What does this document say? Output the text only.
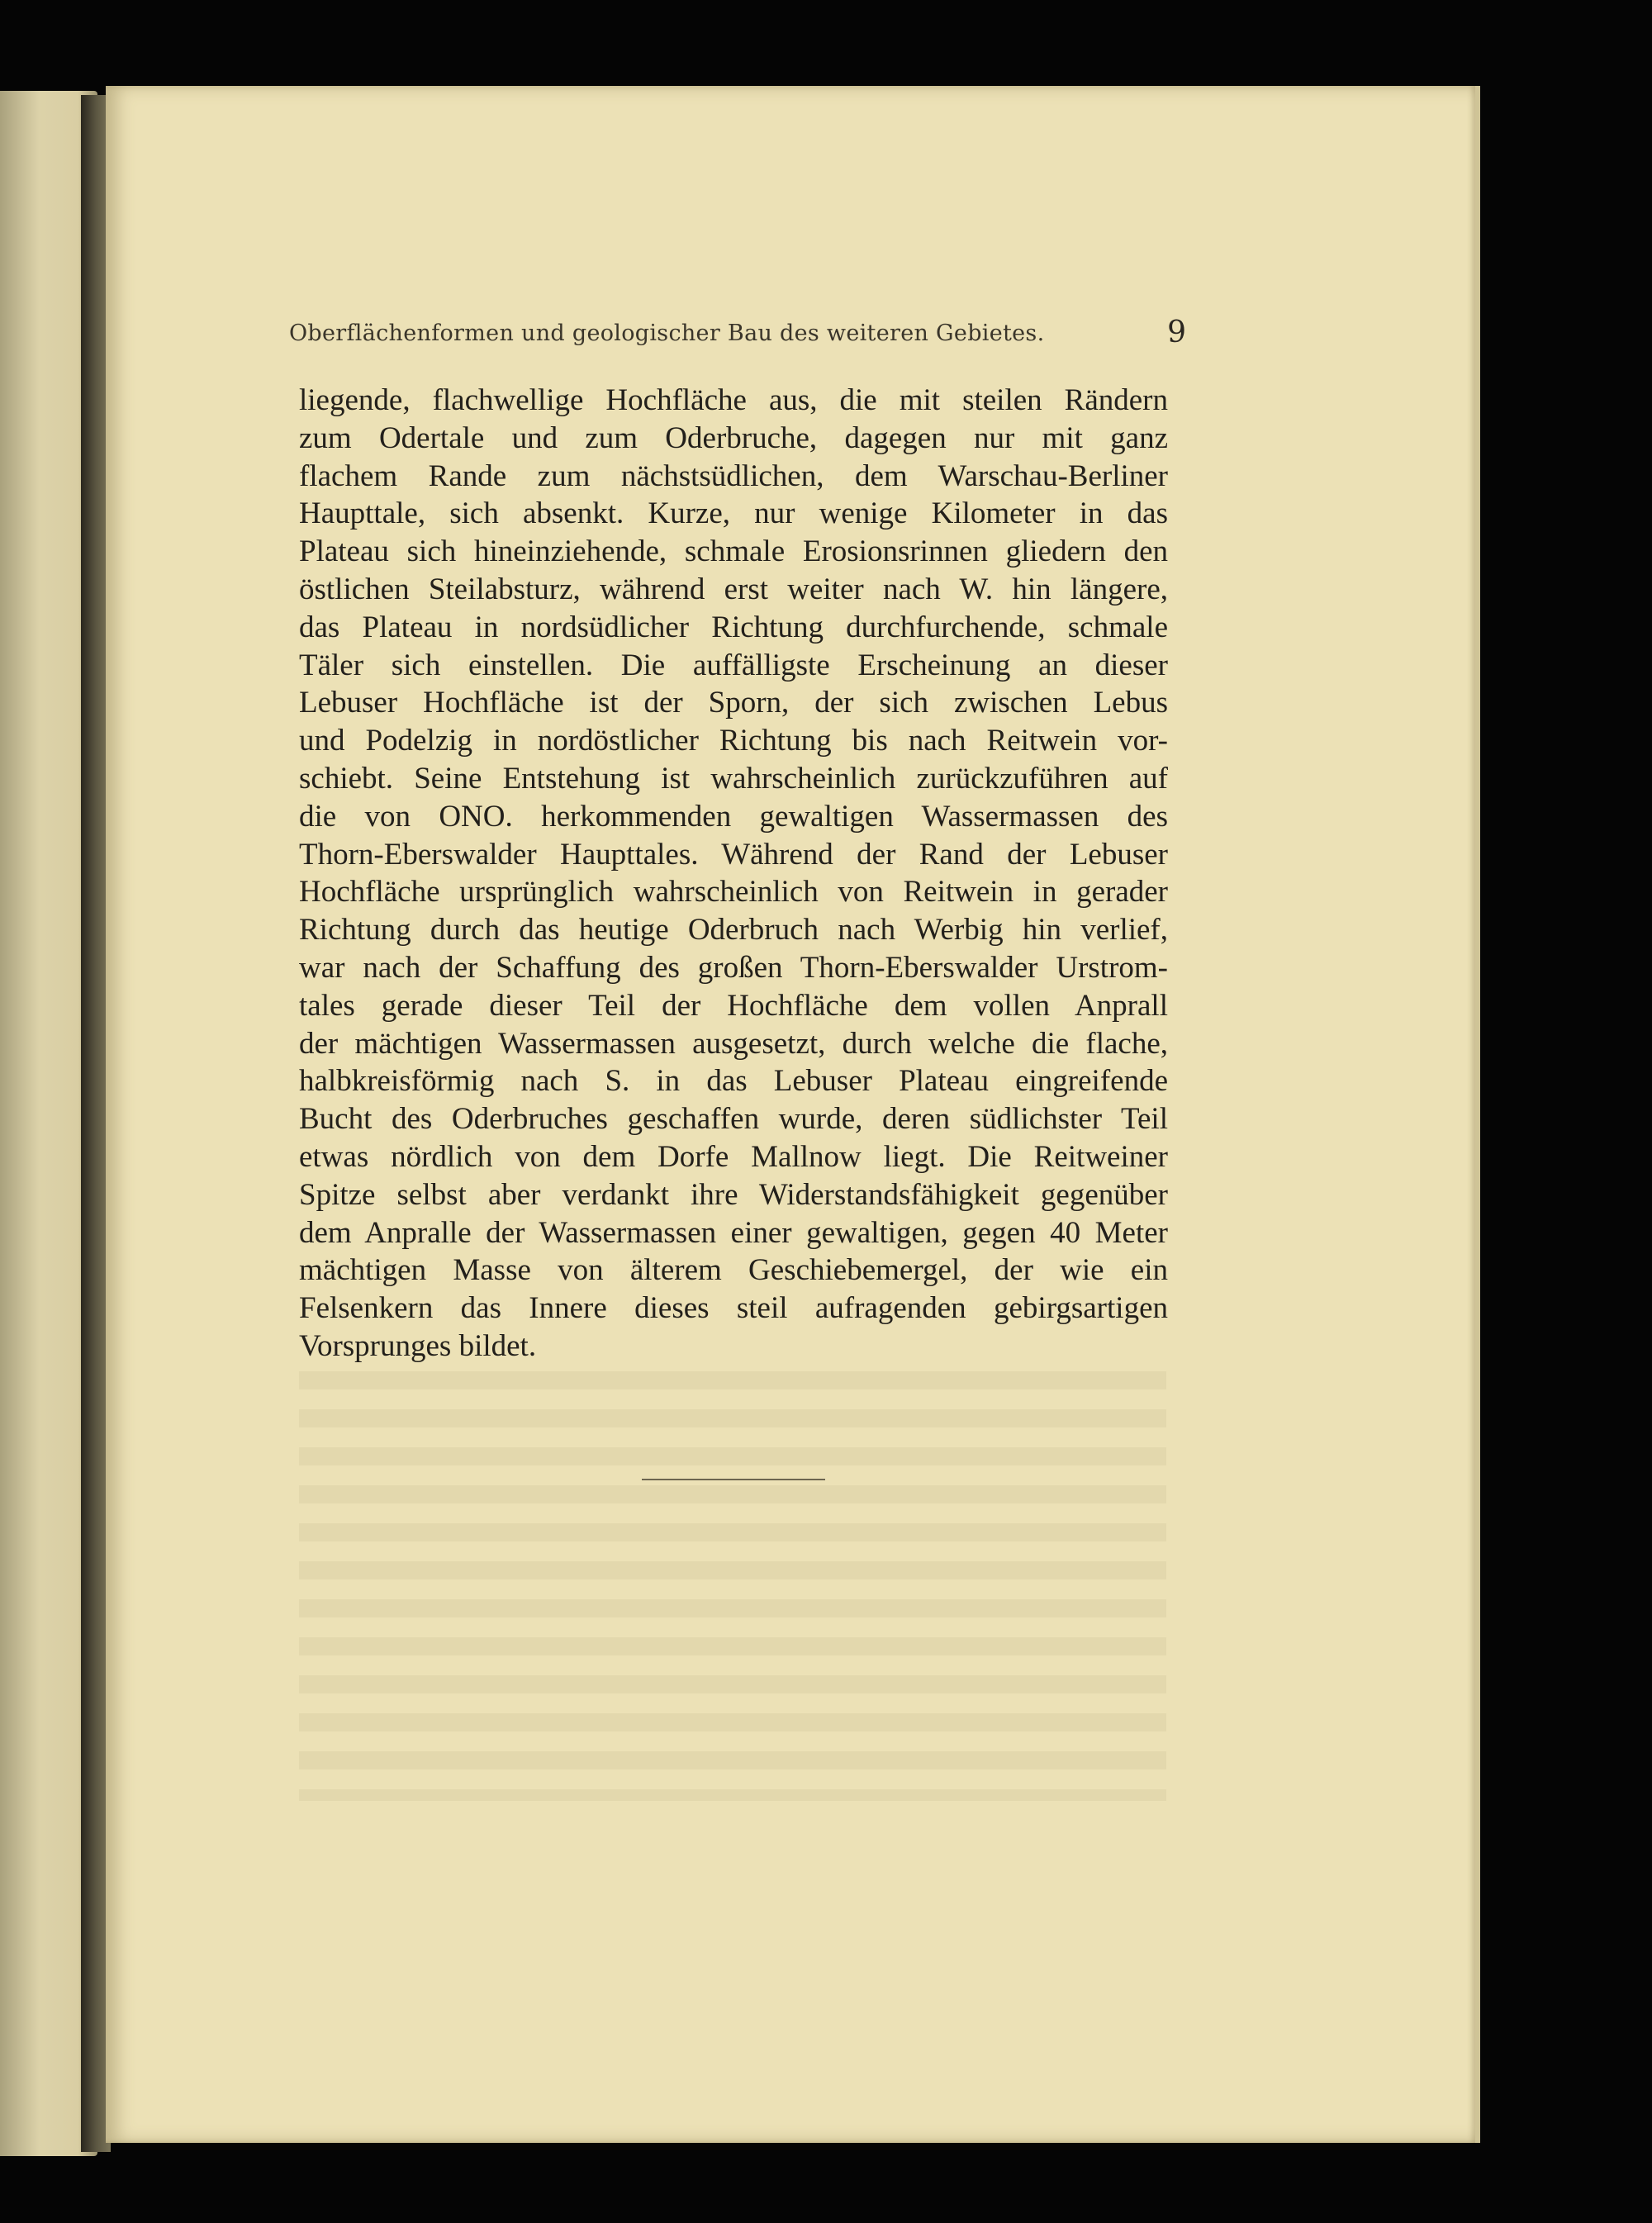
Oberflächenformen und geologischer Bau des weiteren Gebietes.	9
liegende, flachwellige Hochfläche aus, die mit steilen Rändern
zum Odertale und zum Oderbruche, dagegen nur mit ganz
flachem Rande zum nächstsüdlichen, dem Warschau-Berliner
Haupttale, sich absenkt. Kurze, nur wenige Kilometer in das
Plateau sich hineinziehende, schmale Erosionsrinnen gliedern den
östlichen Steilabsturz, während erst weiter nach W. hin längere,
das Plateau in nordsüdlicher Richtung durchfurchende, schmale
Täler sich einstellen. Die auffälligste Erscheinung an dieser
Lebuser Hochfläche ist der Sporn, der sich zwischen Lebus
und Podelzig in nordöstlicher Richtung bis nach Reitwein vor-
schiebt. Seine Entstehung ist wahrscheinlich zurückzuführen auf
die von ONO. herkommenden gewaltigen Wassermassen des
Thorn-Eberswalder Haupttales. Während der Rand der Lebuser
Hochfläche ursprünglich wahrscheinlich von Reitwein in gerader
Richtung durch das heutige Oderbruch nach Werbig hin verlief,
war nach der Schaffung des großen Thorn-Eberswalder Urstrom-
tales gerade dieser Teil der Hochfläche dem vollen Anprall
der mächtigen Wassermassen ausgesetzt, durch welche die flache,
halbkreisförmig nach S. in das Lebuser Plateau eingreifende
Bucht des Oderbruches geschaffen wurde, deren südlichster Teil
etwas nördlich von dem Dorfe Mallnow liegt. Die Reitweiner
Spitze selbst aber verdankt ihre Widerstandsfähigkeit gegenüber
dem Anpralle der Wassermassen einer gewaltigen, gegen 40 Meter
mächtigen Masse von älterem Geschiebemergel, der wie ein
Felsenkern das Innere dieses steil aufragenden gebirgsartigen
Vorsprunges bildet.
